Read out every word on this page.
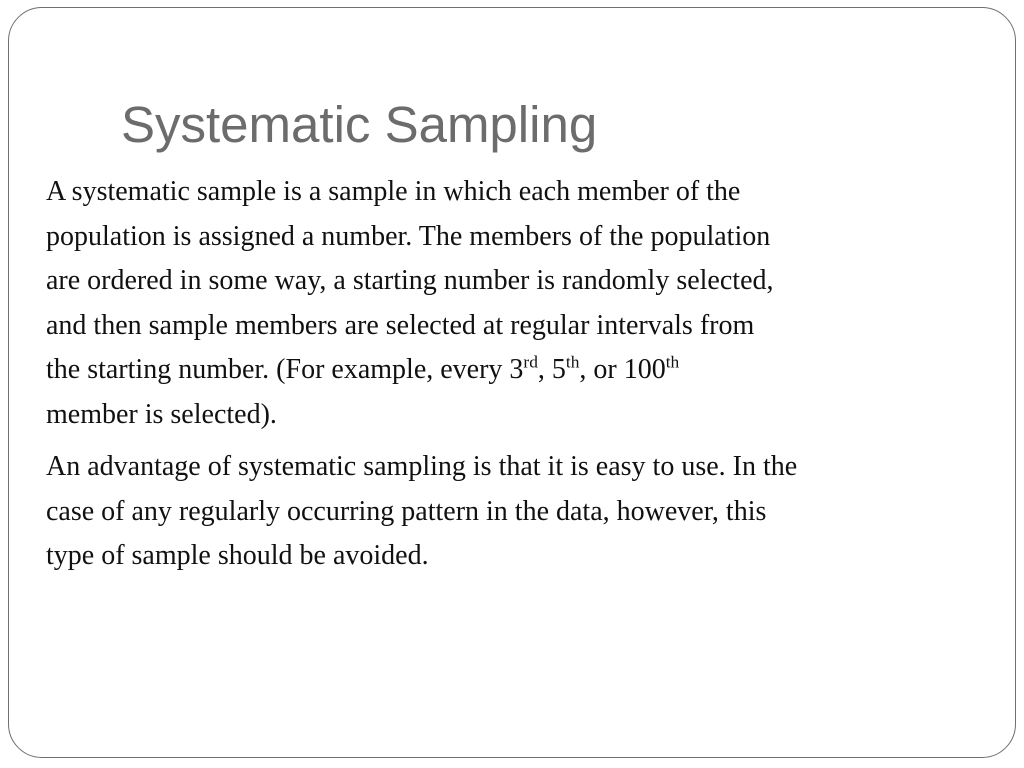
Systematic Sampling

A systematic sample is a sample in which each member of the
population is assigned a number. The members of the population
are ordered in some way, a starting number is randomly selected,
and then sample members are selected at regular intervals from
the starting number. (For example, every 3rd, 5th, or 100th
member is selected).

An advantage of systematic sampling is that it is easy to use. In the
case of any regularly occurring pattern in the data, however, this
type of sample should be avoided.
